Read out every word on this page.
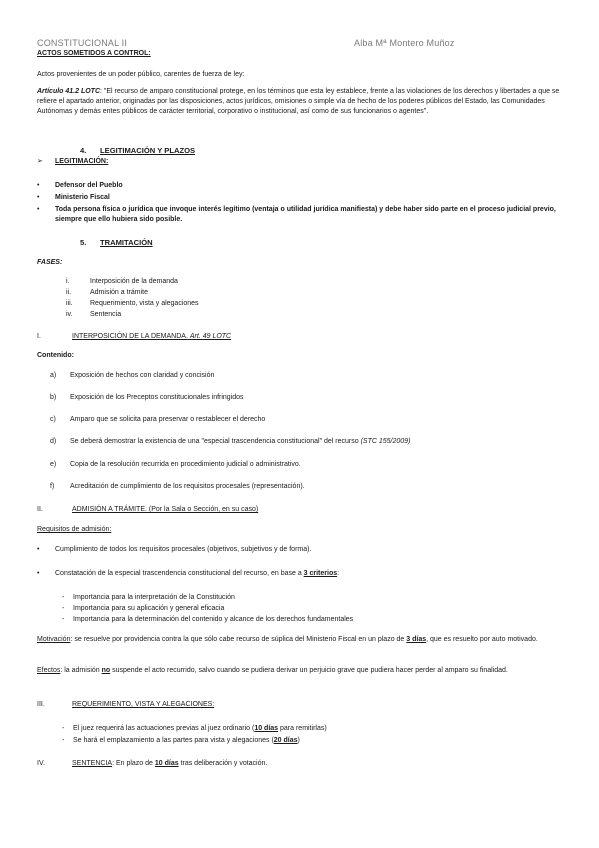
CONSTITUCIONAL II	Alba Mª Montero Muñoz
ACTOS SOMETIDOS A CONTROL:
Actos provenientes de un poder público, carentes de fuerza de ley:
Artículo 41.2 LOTC: "El recurso de amparo constitucional protege, en los términos que esta ley establece, frente a las violaciones de los derechos y libertades a que se refiere el apartado anterior, originadas por las disposiciones, actos jurídicos, omisiones o simple vía de hecho de los poderes públicos del Estado, las Comunidades Autónomas y demás entes públicos de carácter territorial, corporativo o institucional, así como de sus funcionarios o agentes".
4. LEGITIMACIÓN Y PLAZOS
➢ LEGITIMACIÓN:
• Defensor del Pueblo
• Ministerio Fiscal
• Toda persona física o jurídica que invoque interés legítimo (ventaja o utilidad jurídica manifiesta) y debe haber sido parte en el proceso judicial previo, siempre que ello hubiera sido posible.
5. TRAMITACIÓN
FASES:
i.	Interposición de la demanda
ii.	Admisión a trámite
iii. Requerimiento, vista y alegaciones
iv.	Sentencia
I.	INTERPOSICIÓN DE LA DEMANDA. Art. 49 LOTC
Contenido:
a) Exposición de hechos con claridad y concisión
b) Exposición de los Preceptos constitucionales infringidos
c) Amparo que se solicita para preservar o restablecer el derecho
d) Se deberá demostrar la existencia de una "especial trascendencia constitucional" del recurso (STC 155/2009)
e) Copia de la resolución recurrida en procedimiento judicial o administrativo.
f) Acreditación de cumplimiento de los requisitos procesales (representación).
II.	ADMISIÓN A TRÁMITE. (Por la Sala o Sección, en su caso)
Requisitos de admisión:
• Cumplimiento de todos los requisitos procesales (objetivos, subjetivos y de forma).
• Constatación de la especial trascendencia constitucional del recurso, en base a 3 criterios:
- Importancia para la interpretación de la Constitución
- Importancia para su aplicación y general eficacia
- Importancia para la determinación del contenido y alcance de los derechos fundamentales
Motivación: se resuelve por providencia contra la que sólo cabe recurso de súplica del Ministerio Fiscal en un plazo de 3 días, que es resuelto por auto motivado.
Efectos: la admisión no suspende el acto recurrido, salvo cuando se pudiera derivar un perjuicio grave que pudiera hacer perder al amparo su finalidad.
III.	REQUERIMIENTO, VISTA Y ALEGACIONES:
- El juez requerirá las actuaciones previas al juez ordinario (10 días para remitirlas)
- Se hará el emplazamiento a las partes para vista y alegaciones (20 días)
IV.	SENTENCIA: En plazo de 10 días tras deliberación y votación.
